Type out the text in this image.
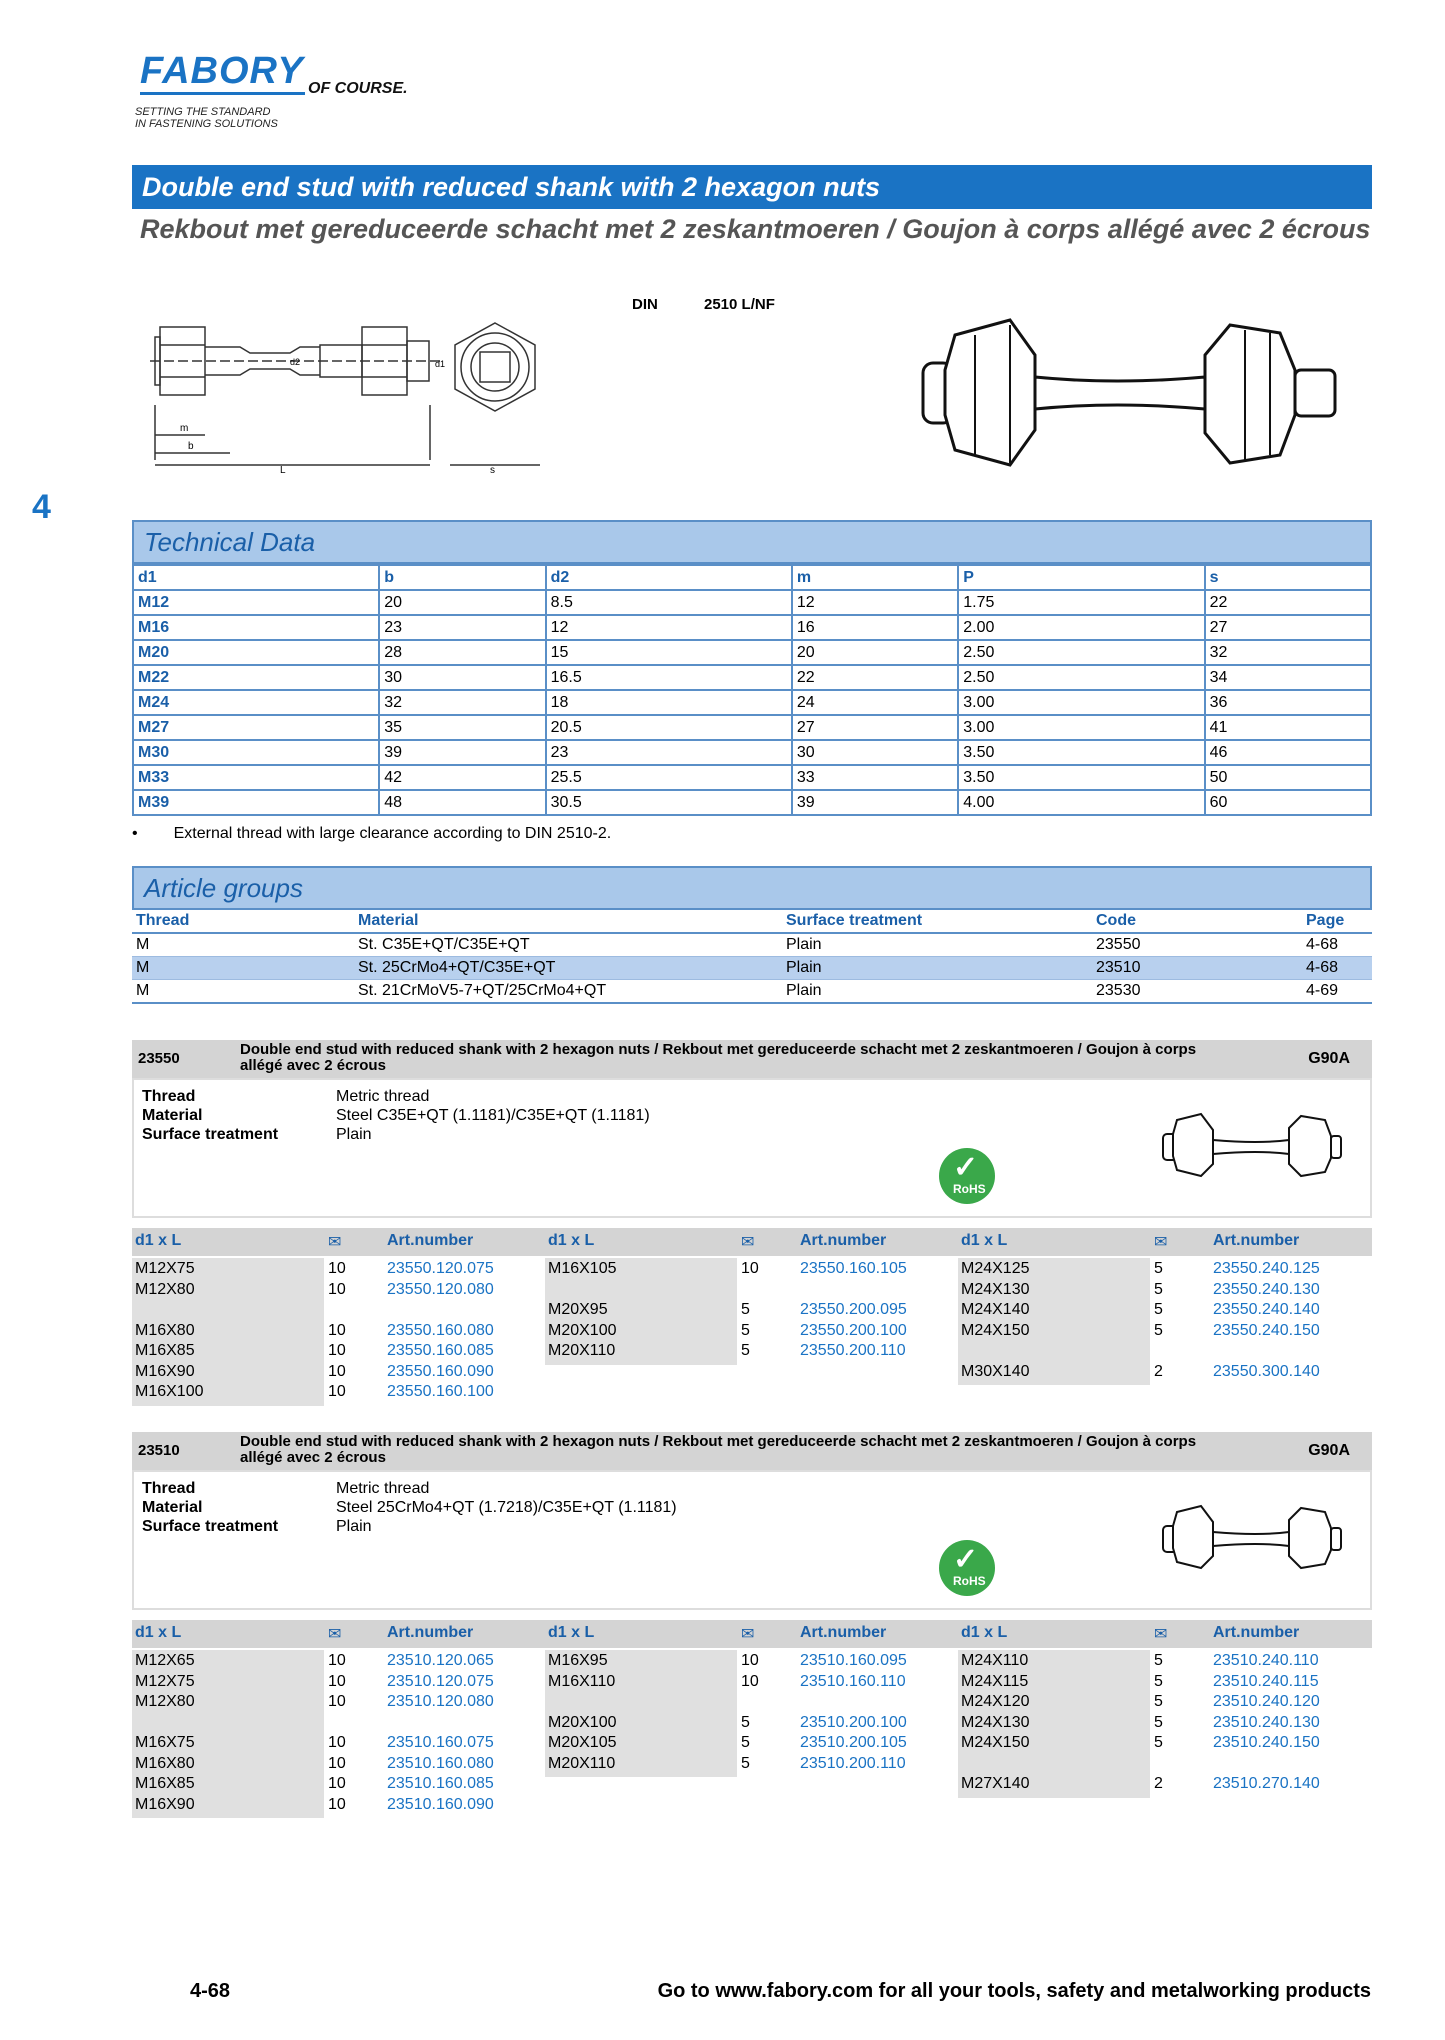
FABORY OF COURSE.
SETTING THE STANDARD
IN FASTENING SOLUTIONS
Double end stud with reduced shank with 2 hexagon nuts
Rekbout met gereduceerde schacht met 2 zeskantmoeren / Goujon à corps allégé avec 2 écrous
DIN	2510 L/NF
m
b
L	s
d2	d1
4
Technical Data
d1	b	d2	m	P	s
M12	20	8.5	12	1.75	22
M16	23	12	16	2.00	27
M20	28	15	20	2.50	32
M22	30	16.5	22	2.50	34
M24	32	18	24	3.00	36
M27	35	20.5	27	3.00	41
M30	39	23	30	3.50	46
M33	42	25.5	33	3.50	50
M39	48	30.5	39	4.00	60
• External thread with large clearance according to DIN 2510-2.
Article groups
Thread	Material	Surface treatment	Code	Page
M	St. C35E+QT/C35E+QT	Plain	23550	4-68
M	St. 25CrMo4+QT/C35E+QT	Plain	23510	4-68
M	St. 21CrMoV5-7+QT/25CrMo4+QT	Plain	23530	4-69
23550
Double end stud with reduced shank with 2 hexagon nuts / Rekbout met gereduceerde schacht met 2 zeskantmoeren / Goujon à corps allégé avec 2 écrous	G90A
Thread	Metric thread
Material	Steel C35E+QT (1.1181)/C35E+QT (1.1181)
Surface treatment	Plain
✓
RoHS
d1 x L	✉	Art.number	d1 x L	✉	Art.number	d1 x L	✉	Art.number
M12X75	10	23550.120.075
M12X80	10	23550.120.080
M16X80	10	23550.160.080
M16X85	10	23550.160.085
M16X90	10	23550.160.090
M16X100	10	23550.160.100
M16X105	10	23550.160.105
M20X95	5	23550.200.095
M20X100	5	23550.200.100
M20X110	5	23550.200.110
M24X125	5	23550.240.125
M24X130	5	23550.240.130
M24X140	5	23550.240.140
M24X150	5	23550.240.150
M30X140	2	23550.300.140
23510
Double end stud with reduced shank with 2 hexagon nuts / Rekbout met gereduceerde schacht met 2 zeskantmoeren / Goujon à corps allégé avec 2 écrous	G90A
Thread	Metric thread
Material	Steel 25CrMo4+QT (1.7218)/C35E+QT (1.1181)
Surface treatment	Plain
✓
RoHS
d1 x L	✉	Art.number	d1 x L	✉	Art.number	d1 x L	✉	Art.number
M12X65	10	23510.120.065
M12X75	10	23510.120.075
M12X80	10	23510.120.080
M16X75	10	23510.160.075
M16X80	10	23510.160.080
M16X85	10	23510.160.085
M16X90	10	23510.160.090
M16X95	10	23510.160.095
M16X110	10	23510.160.110
M20X100	5	23510.200.100
M20X105	5	23510.200.105
M20X110	5	23510.200.110
M24X110	5	23510.240.110
M24X115	5	23510.240.115
M24X120	5	23510.240.120
M24X130	5	23510.240.130
M24X150	5	23510.240.150
M27X140	2	23510.270.140
4-68	Go to www.fabory.com for all your tools, safety and metalworking products
